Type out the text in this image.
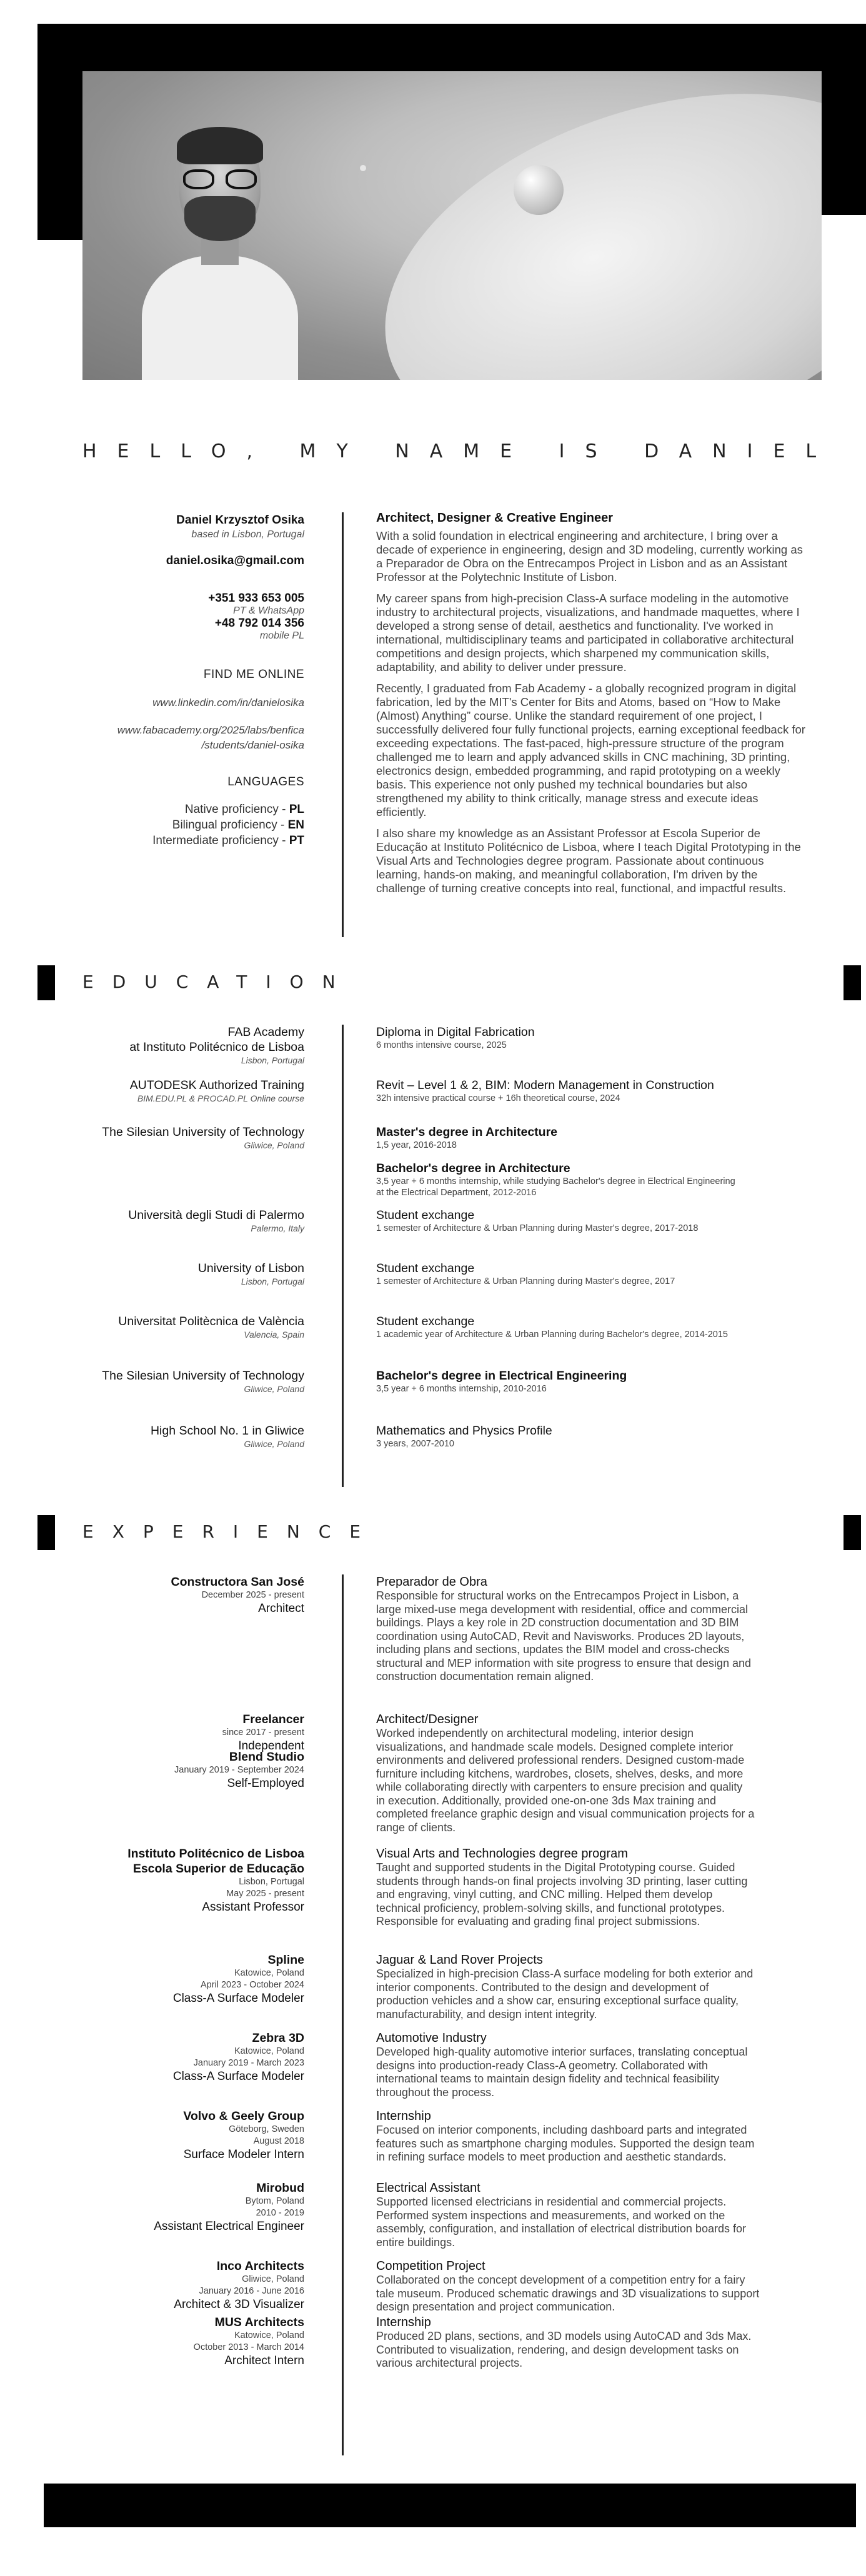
HELLO, MY NAME IS DANIEL
Daniel Krzysztof Osika
based in Lisbon, Portugal
daniel.osika@gmail.com
+351 933 653 005
PT & WhatsApp
+48 792 014 356
mobile PL
FIND ME ONLINE
www.linkedin.com/in/danielosika
www.fabacademy.org/2025/labs/benfica
/students/daniel-osika
LANGUAGES
Native proficiency - PL
Bilingual proficiency - EN
Intermediate proficiency - PT
Architect, Designer & Creative Engineer
With a solid foundation in electrical engineering and architecture, I bring over a decade of experience in engineering, design and 3D modeling, currently working as a Preparador de Obra on the Entrecampos Project in Lisbon and as an Assistant Professor at the Polytechnic Institute of Lisbon.
My career spans from high-precision Class-A surface modeling in the automotive industry to architectural projects, visualizations, and handmade maquettes, where I developed a strong sense of detail, aesthetics and functionality. I've worked in international, multidisciplinary teams and participated in collaborative architectural competitions and design projects, which sharpened my communication skills, adaptability, and ability to deliver under pressure.
Recently, I graduated from Fab Academy - a globally recognized program in digital fabrication, led by the MIT's Center for Bits and Atoms, based on “How to Make (Almost) Anything” course. Unlike the standard requirement of one project, I successfully delivered four fully functional projects, earning exceptional feedback for exceeding expectations. The fast-paced, high-pressure structure of the program challenged me to learn and apply advanced skills in CNC machining, 3D printing, electronics design, embedded programming, and rapid prototyping on a weekly basis. This experience not only pushed my technical boundaries but also strengthened my ability to think critically, manage stress and execute ideas efficiently.
I also share my knowledge as an Assistant Professor at Escola Superior de Educação at Instituto Politécnico de Lisboa, where I teach Digital Prototyping in the Visual Arts and Technologies degree program. Passionate about continuous learning, hands-on making, and meaningful collaboration, I'm driven by the challenge of turning creative concepts into real, functional, and impactful results.
EDUCATION
FAB Academy
at Instituto Politécnico de Lisboa
Lisbon, Portugal
Diploma in Digital Fabrication
6 months intensive course, 2025
AUTODESK Authorized Training
BIM.EDU.PL & PROCAD.PL Online course
Revit – Level 1 & 2, BIM: Modern Management in Construction
32h intensive practical course + 16h theoretical course, 2024
The Silesian University of Technology
Gliwice, Poland
Master's degree in Architecture
1,5 year, 2016-2018
Bachelor's degree in Architecture
3,5 year + 6 months internship, while studying Bachelor's degree in Electrical Engineering
at the Electrical Department, 2012-2016
Università degli Studi di Palermo
Palermo, Italy
Student exchange
1 semester of Architecture & Urban Planning during Master's degree, 2017-2018
University of Lisbon
Lisbon, Portugal
Student exchange
1 semester of Architecture & Urban Planning during Master's degree, 2017
Universitat Politècnica de València
Valencia, Spain
Student exchange
1 academic year of Architecture & Urban Planning during Bachelor's degree, 2014-2015
The Silesian University of Technology
Gliwice, Poland
Bachelor's degree in Electrical Engineering
3,5 year + 6 months internship, 2010-2016
High School No. 1 in Gliwice
Gliwice, Poland
Mathematics and Physics Profile
3 years, 2007-2010
EXPERIENCE
Constructora San José
December 2025 - present
Architect
Preparador de Obra
Responsible for structural works on the Entrecampos Project in Lisbon, a
large mixed-use mega development with residential, office and commercial
buildings. Plays a key role in 2D construction documentation and 3D BIM
coordination using AutoCAD, Revit and Navisworks. Produces 2D layouts,
including plans and sections, updates the BIM model and cross-checks
structural and MEP information with site progress to ensure that design and
construction documentation remain aligned.
Freelancer
since 2017 - present
Independent
Architect/Designer
Worked independently on architectural modeling, interior design
visualizations, and handmade scale models. Designed complete interior
environments and delivered professional renders. Designed custom-made
furniture including kitchens, wardrobes, closets, shelves, desks, and more
while collaborating directly with carpenters to ensure precision and quality
in execution. Additionally, provided one-on-one 3ds Max training and
completed freelance graphic design and visual communication projects for a
range of clients.
Blend Studio
January 2019 - September 2024
Self-Employed
Instituto Politécnico de Lisboa
Escola Superior de Educação
Lisbon, Portugal
May 2025 - present
Assistant Professor
Visual Arts and Technologies degree program
Taught and supported students in the Digital Prototyping course. Guided
students through hands-on final projects involving 3D printing, laser cutting
and engraving, vinyl cutting, and CNC milling. Helped them develop
technical proficiency, problem-solving skills, and functional prototypes.
Responsible for evaluating and grading final project submissions.
Spline
Katowice, Poland
April 2023 - October 2024
Class-A Surface Modeler
Jaguar & Land Rover Projects
Specialized in high-precision Class-A surface modeling for both exterior and
interior components. Contributed to the design and development of
production vehicles and a show car, ensuring exceptional surface quality,
manufacturability, and design intent integrity.
Zebra 3D
Katowice, Poland
January 2019 - March 2023
Class-A Surface Modeler
Automotive Industry
Developed high-quality automotive interior surfaces, translating conceptual
designs into production-ready Class-A geometry. Collaborated with
international teams to maintain design fidelity and technical feasibility
throughout the process.
Volvo & Geely Group
Göteborg, Sweden
August 2018
Surface Modeler Intern
Internship
Focused on interior components, including dashboard parts and integrated
features such as smartphone charging modules. Supported the design team
in refining surface models to meet production and aesthetic standards.
Mirobud
Bytom, Poland
2010 - 2019
Assistant Electrical Engineer
Electrical Assistant
Supported licensed electricians in residential and commercial projects.
Performed system inspections and measurements, and worked on the
assembly, configuration, and installation of electrical distribution boards for
entire buildings.
Inco Architects
Gliwice, Poland
January 2016 - June 2016
Architect & 3D Visualizer
Competition Project
Collaborated on the concept development of a competition entry for a fairy
tale museum. Produced schematic drawings and 3D visualizations to support
design presentation and project communication.
MUS Architects
Katowice, Poland
October 2013 - March 2014
Architect Intern
Internship
Produced 2D plans, sections, and 3D models using AutoCAD and 3ds Max.
Contributed to visualization, rendering, and design development tasks on
various architectural projects.
